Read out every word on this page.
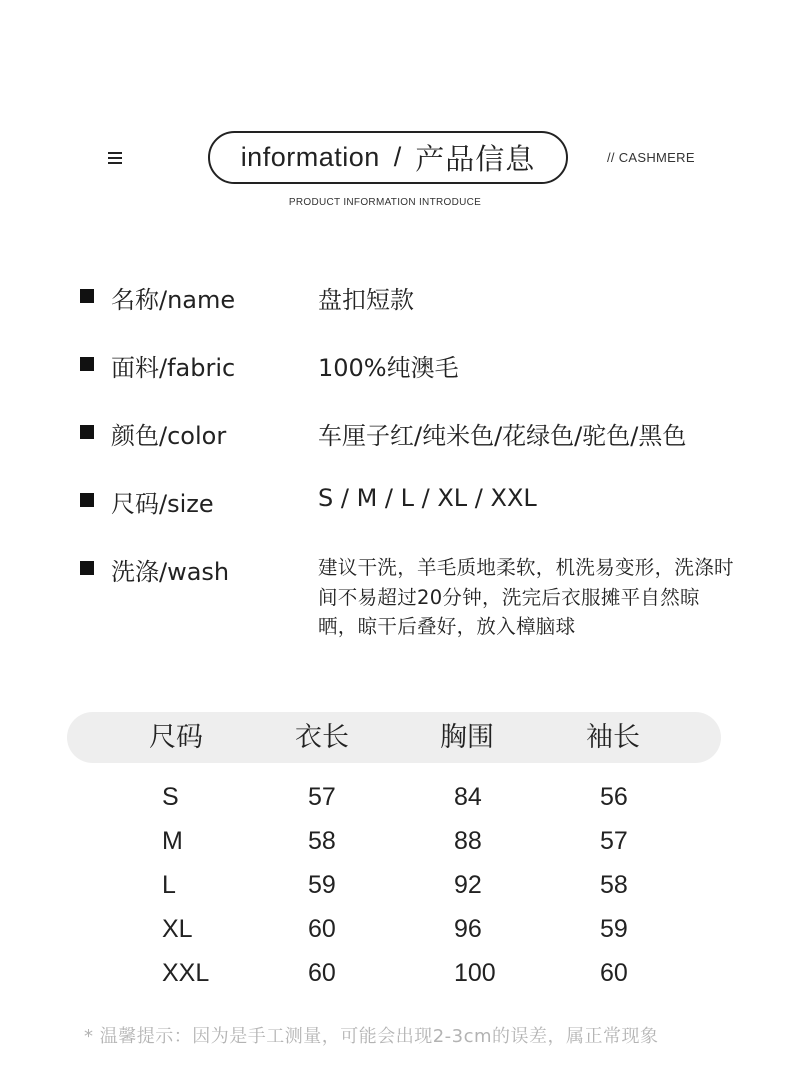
information / 产品信息	// CASHMERE
PRODUCT INFORMATION INTRODUCE
名称/name	盘扣短款
面料/fabric	100%纯澳毛
颜色/color	车厘子红/纯米色/花绿色/驼色/黑色
尺码/size	S / M / L / XL / XXL
洗涤/wash	建议干洗，羊毛质地柔软，机洗易变形，洗涤时间不易超过20分钟，洗完后衣服摊平自然晾晒，晾干后叠好，放入樟脑球
尺码	衣长	胸围	袖长
S	57	84	56
M	58	88	57
L	59	92	58
XL	60	96	59
XXL	60	100	60
* 温馨提示：因为是手工测量，可能会出现2-3cm的误差，属正常现象
